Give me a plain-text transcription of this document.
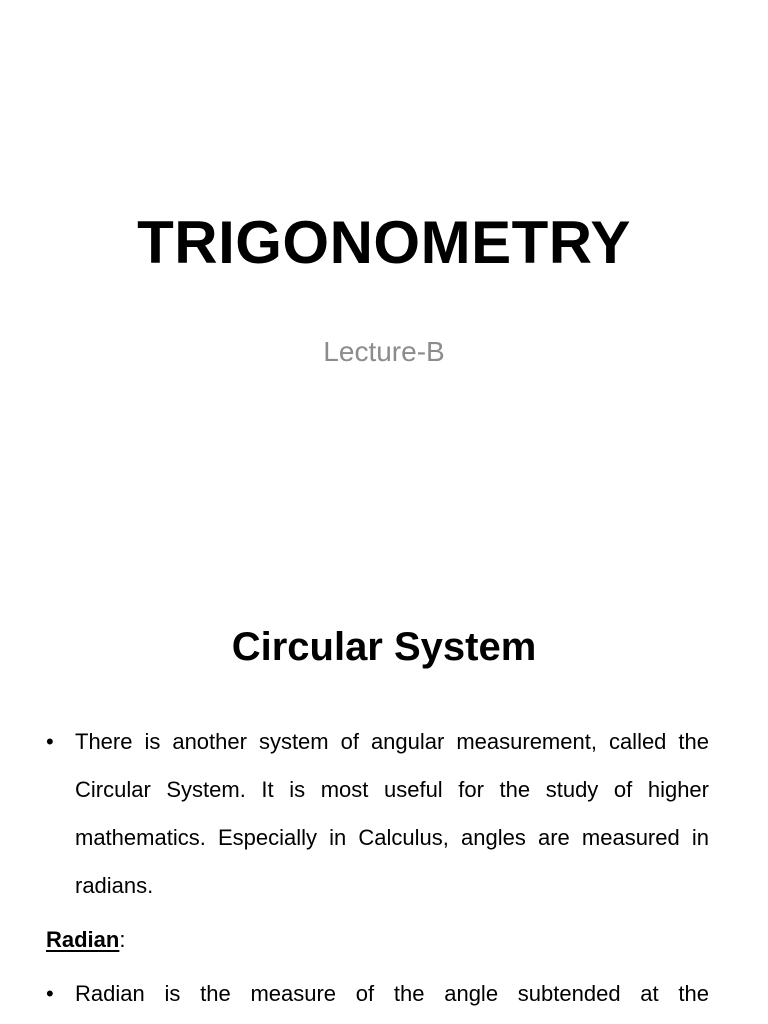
TRIGONOMETRY

Lecture-B

Circular System
• There is another system of angular measurement, called the Circular System. It is most useful for the study of higher mathematics. Especially in Calculus, angles are measured in radians.
Radian:
• Radian is the measure of the angle subtended at the
